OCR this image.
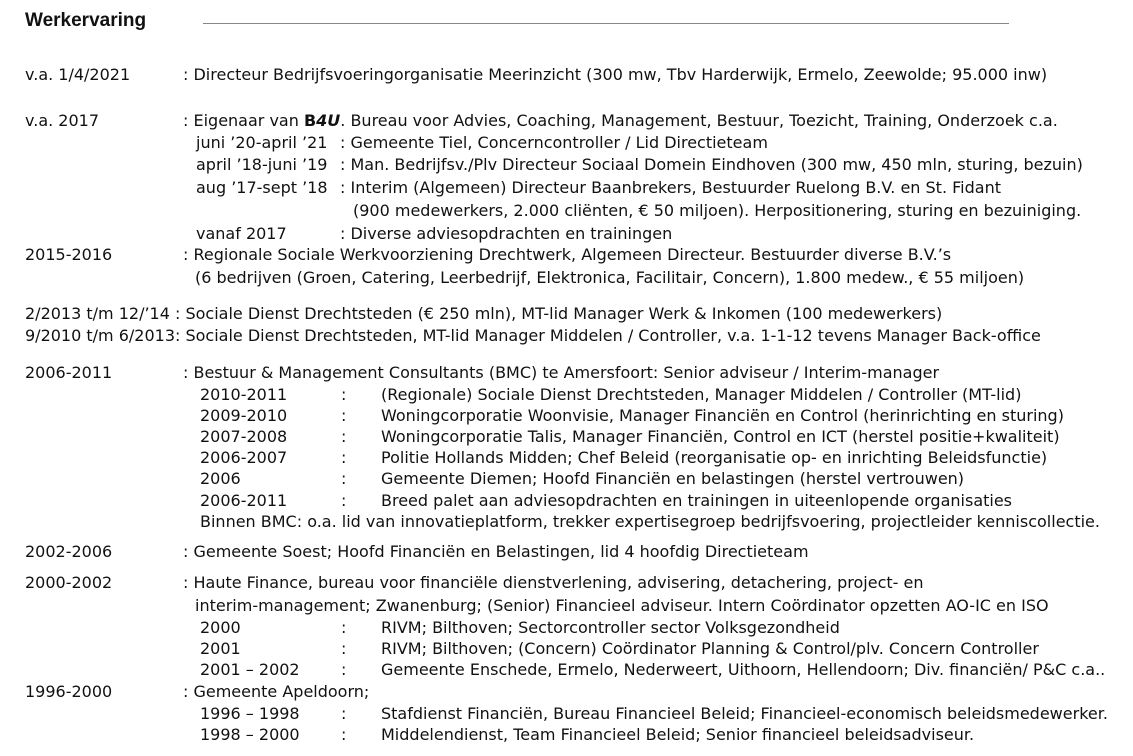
Werkervaring
v.a. 1/4/2021	: Directeur Bedrijfsvoeringorganisatie Meerinzicht (300 mw, Tbv Harderwijk, Ermelo, Zeewolde; 95.000 inw)
v.a. 2017	: Eigenaar van B4U. Bureau voor Advies, Coaching, Management, Bestuur, Toezicht, Training, Onderzoek c.a.
juni ’20-april ’21 : Gemeente Tiel, Concerncontroller / Lid Directieteam
april ’18-juni ’19 : Man. Bedrijfsv./Plv Directeur Sociaal Domein Eindhoven (300 mw, 450 mln, sturing, bezuin)
aug ’17-sept ’18 : Interim (Algemeen) Directeur Baanbrekers, Bestuurder Ruelong B.V. en St. Fidant
(900 medewerkers, 2.000 cliënten, € 50 miljoen). Herpositionering, sturing en bezuiniging.
vanaf 2017	: Diverse adviesopdrachten en trainingen
2015-2016	: Regionale Sociale Werkvoorziening Drechtwerk, Algemeen Directeur. Bestuurder diverse B.V.’s
(6 bedrijven (Groen, Catering, Leerbedrijf, Elektronica, Facilitair, Concern), 1.800 medew., € 55 miljoen)
2/2013 t/m 12/’14 : Sociale Dienst Drechtsteden (€ 250 mln), MT-lid Manager Werk & Inkomen (100 medewerkers)
9/2010 t/m 6/2013: Sociale Dienst Drechtsteden, MT-lid Manager Middelen / Controller, v.a. 1-1-12 tevens Manager Back-office
2006-2011	: Bestuur & Management Consultants (BMC) te Amersfoort: Senior adviseur / Interim-manager
2010-2011	: (Regionale) Sociale Dienst Drechtsteden, Manager Middelen / Controller (MT-lid)
2009-2010	: Woningcorporatie Woonvisie, Manager Financiën en Control (herinrichting en sturing)
2007-2008	: Woningcorporatie Talis, Manager Financiën, Control en ICT (herstel positie+kwaliteit)
2006-2007	: Politie Hollands Midden; Chef Beleid (reorganisatie op- en inrichting Beleidsfunctie)
2006	: Gemeente Diemen; Hoofd Financiën en belastingen (herstel vertrouwen)
2006-2011	: Breed palet aan adviesopdrachten en trainingen in uiteenlopende organisaties
Binnen BMC: o.a. lid van innovatieplatform, trekker expertisegroep bedrijfsvoering, projectleider kenniscollectie.
2002-2006	: Gemeente Soest; Hoofd Financiën en Belastingen, lid 4 hoofdig Directieteam
2000-2002	: Haute Finance, bureau voor financiële dienstverlening, advisering, detachering, project- en
interim-management; Zwanenburg; (Senior) Financieel adviseur. Intern Coördinator opzetten AO-IC en ISO
2000	: RIVM; Bilthoven; Sectorcontroller sector Volksgezondheid
2001	: RIVM; Bilthoven; (Concern) Coördinator Planning & Control/plv. Concern Controller
2001 – 2002	: Gemeente Enschede, Ermelo, Nederweert, Uithoorn, Hellendoorn; Div. financiën/ P&C c.a..
1996-2000	: Gemeente Apeldoorn;
1996 – 1998	: Stafdienst Financiën, Bureau Financieel Beleid; Financieel-economisch beleidsmedewerker.
1998 – 2000	: Middelendienst, Team Financieel Beleid; Senior financieel beleidsadviseur.
